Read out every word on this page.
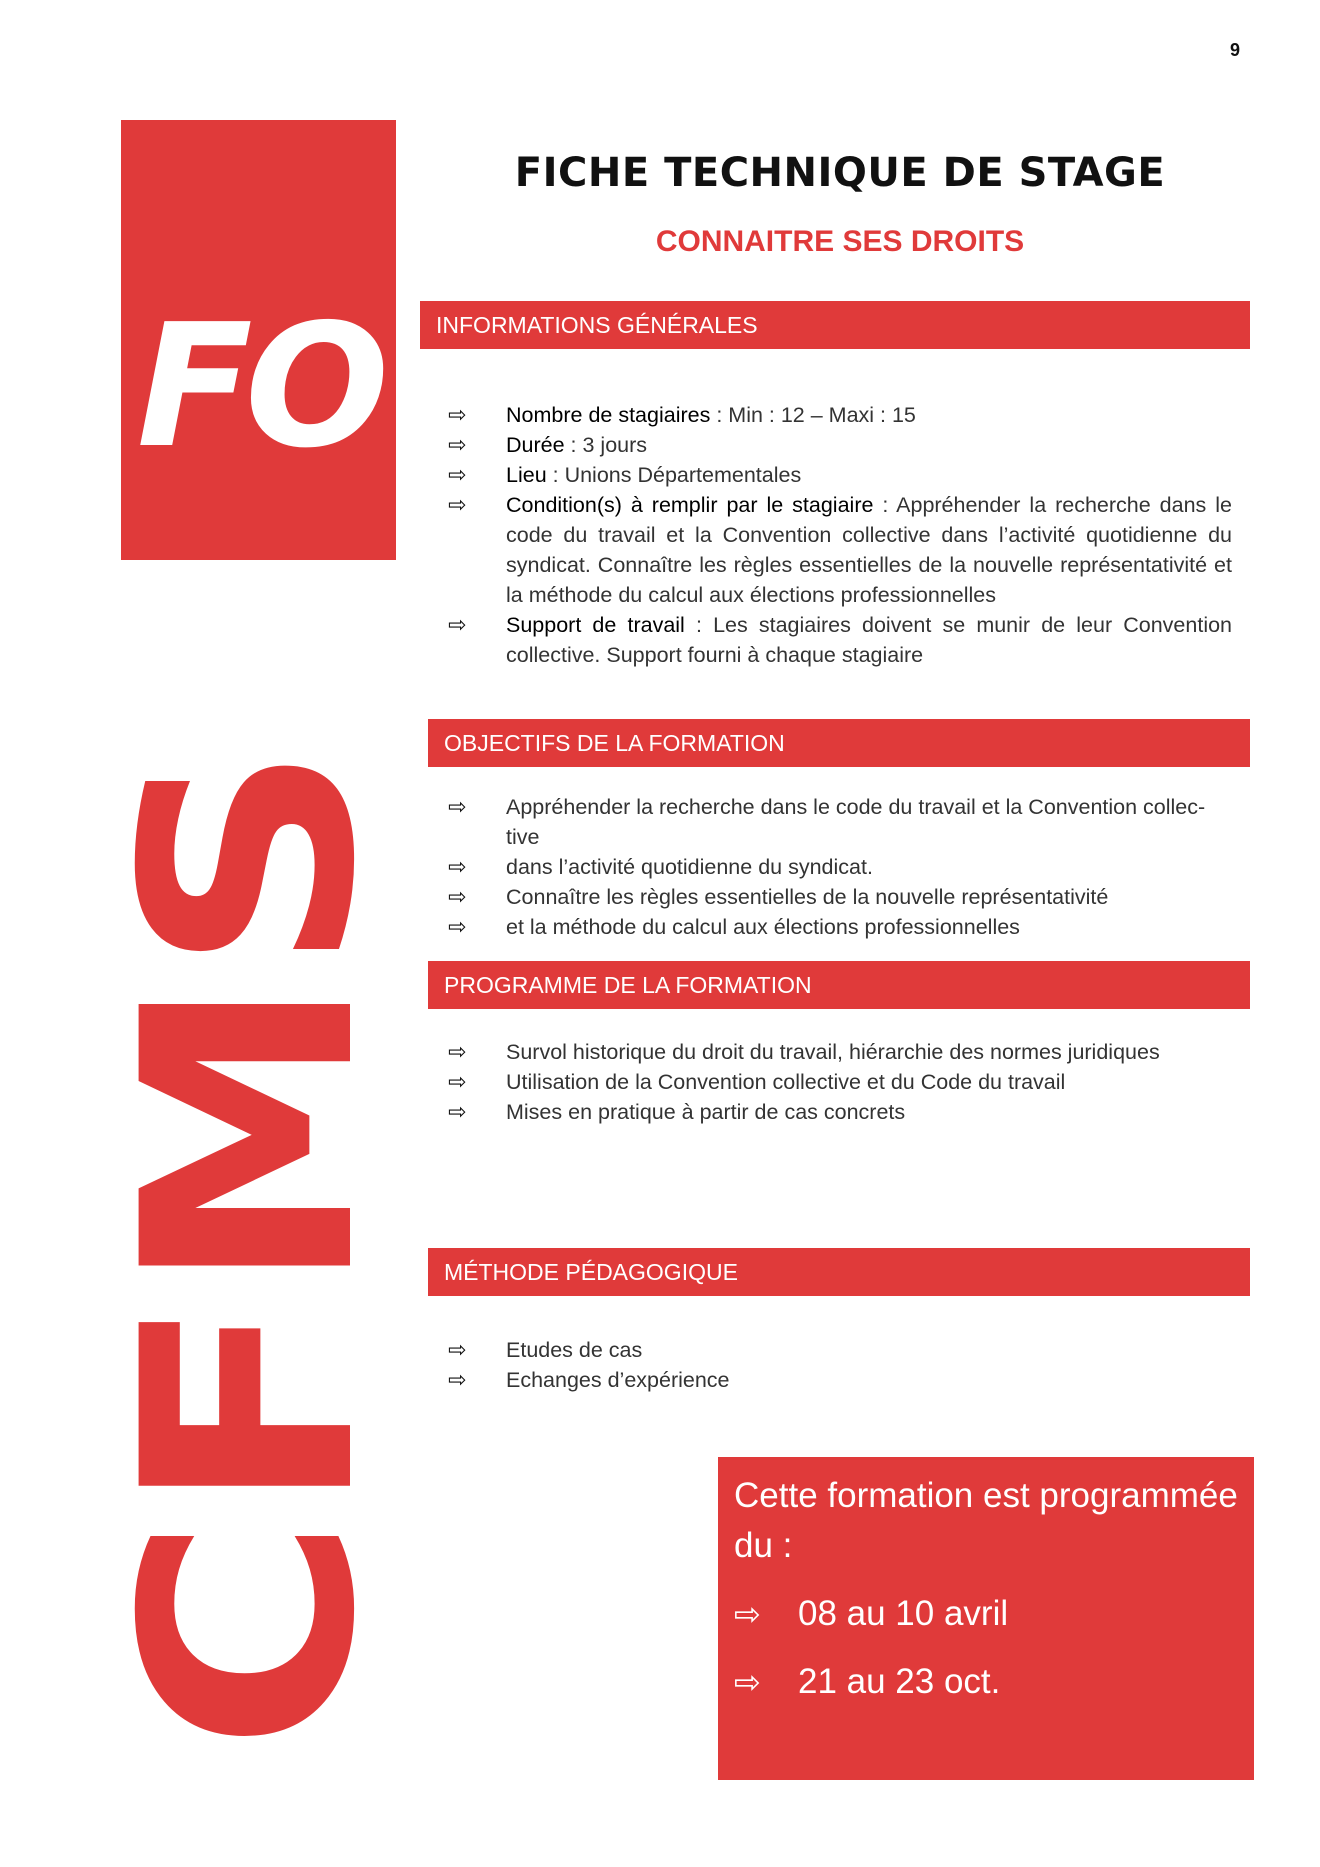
9
FO
CFMS
FICHE TECHNIQUE DE STAGE
CONNAITRE SES DROITS
INFORMATIONS GÉNÉRALES
⇨	Nombre de stagiaires : Min : 12 – Maxi : 15
⇨	Durée : 3 jours
⇨	Lieu : Unions Départementales
⇨	Condition(s) à remplir par le stagiaire : Appréhender la recherche dans le code du travail et la Convention collective dans l’activité quotidienne du syndicat. Connaître les règles essentielles de la nouvelle représentativité et la méthode du calcul aux élections professionnelles
⇨	Support de travail : Les stagiaires doivent se munir de leur Convention collective. Support fourni à chaque stagiaire
OBJECTIFS DE LA FORMATION
⇨	Appréhender la recherche dans le code du travail et la Convention collec-tive
⇨	dans l’activité quotidienne du syndicat.
⇨	Connaître les règles essentielles de la nouvelle représentativité
⇨	et la méthode du calcul aux élections professionnelles
PROGRAMME DE LA FORMATION
⇨	Survol historique du droit du travail, hiérarchie des normes juridiques
⇨	Utilisation de la Convention collective et du Code du travail
⇨	Mises en pratique à partir de cas concrets
MÉTHODE PÉDAGOGIQUE
⇨	Etudes de cas
⇨	Echanges d’expérience
Cette formation est programmée du :
⇨	08 au 10 avril
⇨	21 au 23 oct.
